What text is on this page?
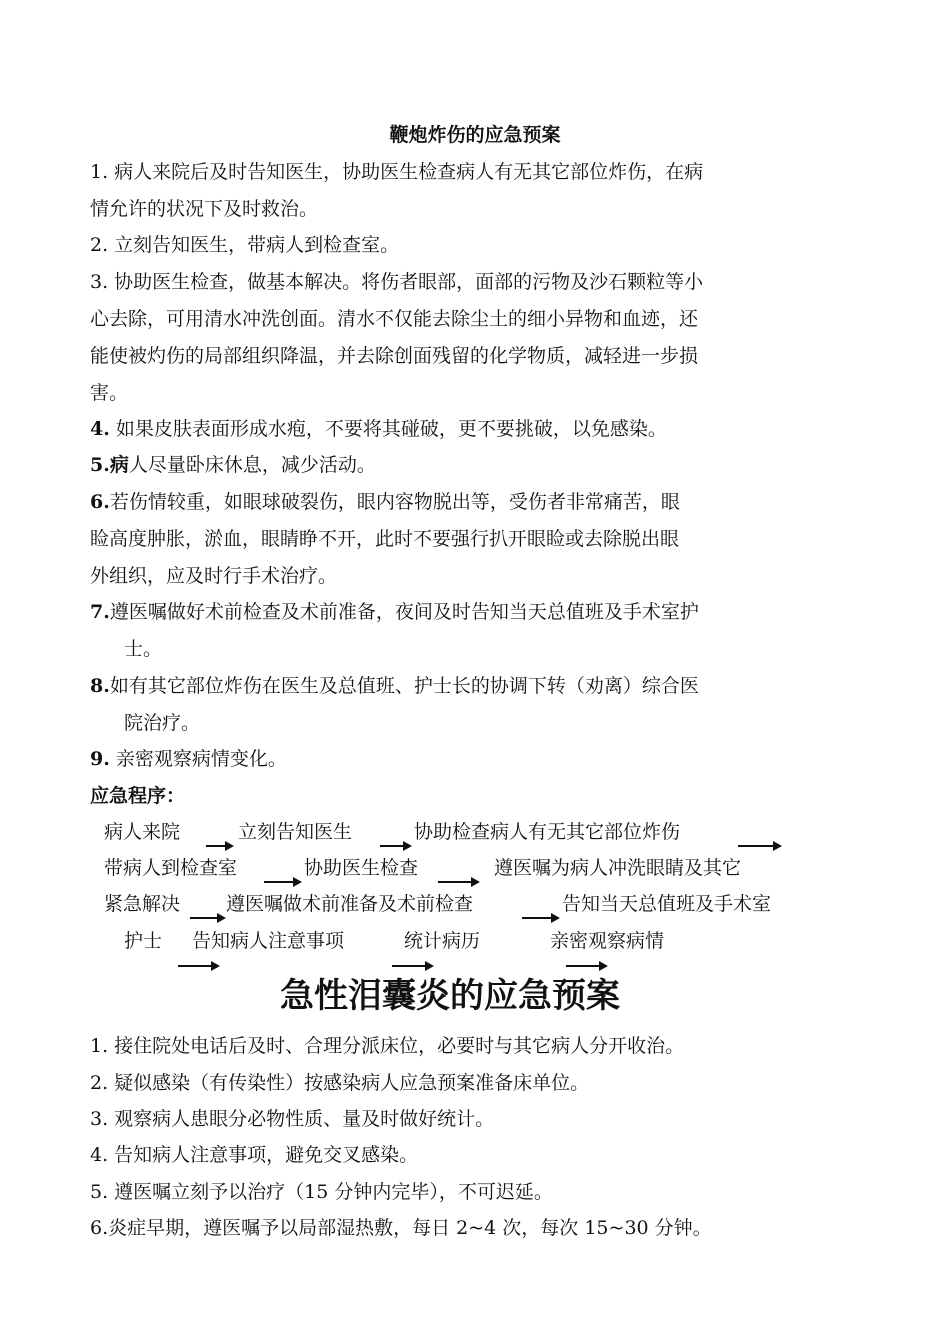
鞭炮炸伤的应急预案
1. 病人来院后及时告知医生，协助医生检查病人有无其它部位炸伤，在病
情允许的状况下及时救治。
2. 立刻告知医生，带病人到检查室。
3. 协助医生检查，做基本解决。将伤者眼部，面部的污物及沙石颗粒等小
心去除，可用清水冲洗创面。清水不仅能去除尘土的细小异物和血迹，还
能使被灼伤的局部组织降温，并去除创面残留的化学物质，减轻进一步损
害。
4. 如果皮肤表面形成水疱，不要将其碰破，更不要挑破，以免感染。
5.病人尽量卧床休息，减少活动。
6.若伤情较重，如眼球破裂伤，眼内容物脱出等，受伤者非常痛苦，眼
睑高度肿胀，淤血，眼睛睁不开，此时不要强行扒开眼睑或去除脱出眼
外组织，应及时行手术治疗。
7.遵医嘱做好术前检查及术前准备，夜间及时告知当天总值班及手术室护
士。
8.如有其它部位炸伤在医生及总值班、护士长的协调下转（劝离）综合医
院治疗。
9. 亲密观察病情变化。
应急程序：
病人来院	立刻告知医生	协助检查病人有无其它部位炸伤
带病人到检查室	协助医生检查	遵医嘱为病人冲洗眼睛及其它
紧急解决 遵医嘱做术前准备及术前检查	告知当天总值班及手术室
护士 告知病人注意事项	统计病历	亲密观察病情
急性泪囊炎的应急预案
1. 接住院处电话后及时、合理分派床位，必要时与其它病人分开收治。
2. 疑似感染（有传染性）按感染病人应急预案准备床单位。
3. 观察病人患眼分必物性质、量及时做好统计。
4. 告知病人注意事项，避免交叉感染。
5. 遵医嘱立刻予以治疗（15 分钟内完毕），不可迟延。
6.炎症早期，遵医嘱予以局部湿热敷，每日 2~4 次，每次 15~30 分钟。
